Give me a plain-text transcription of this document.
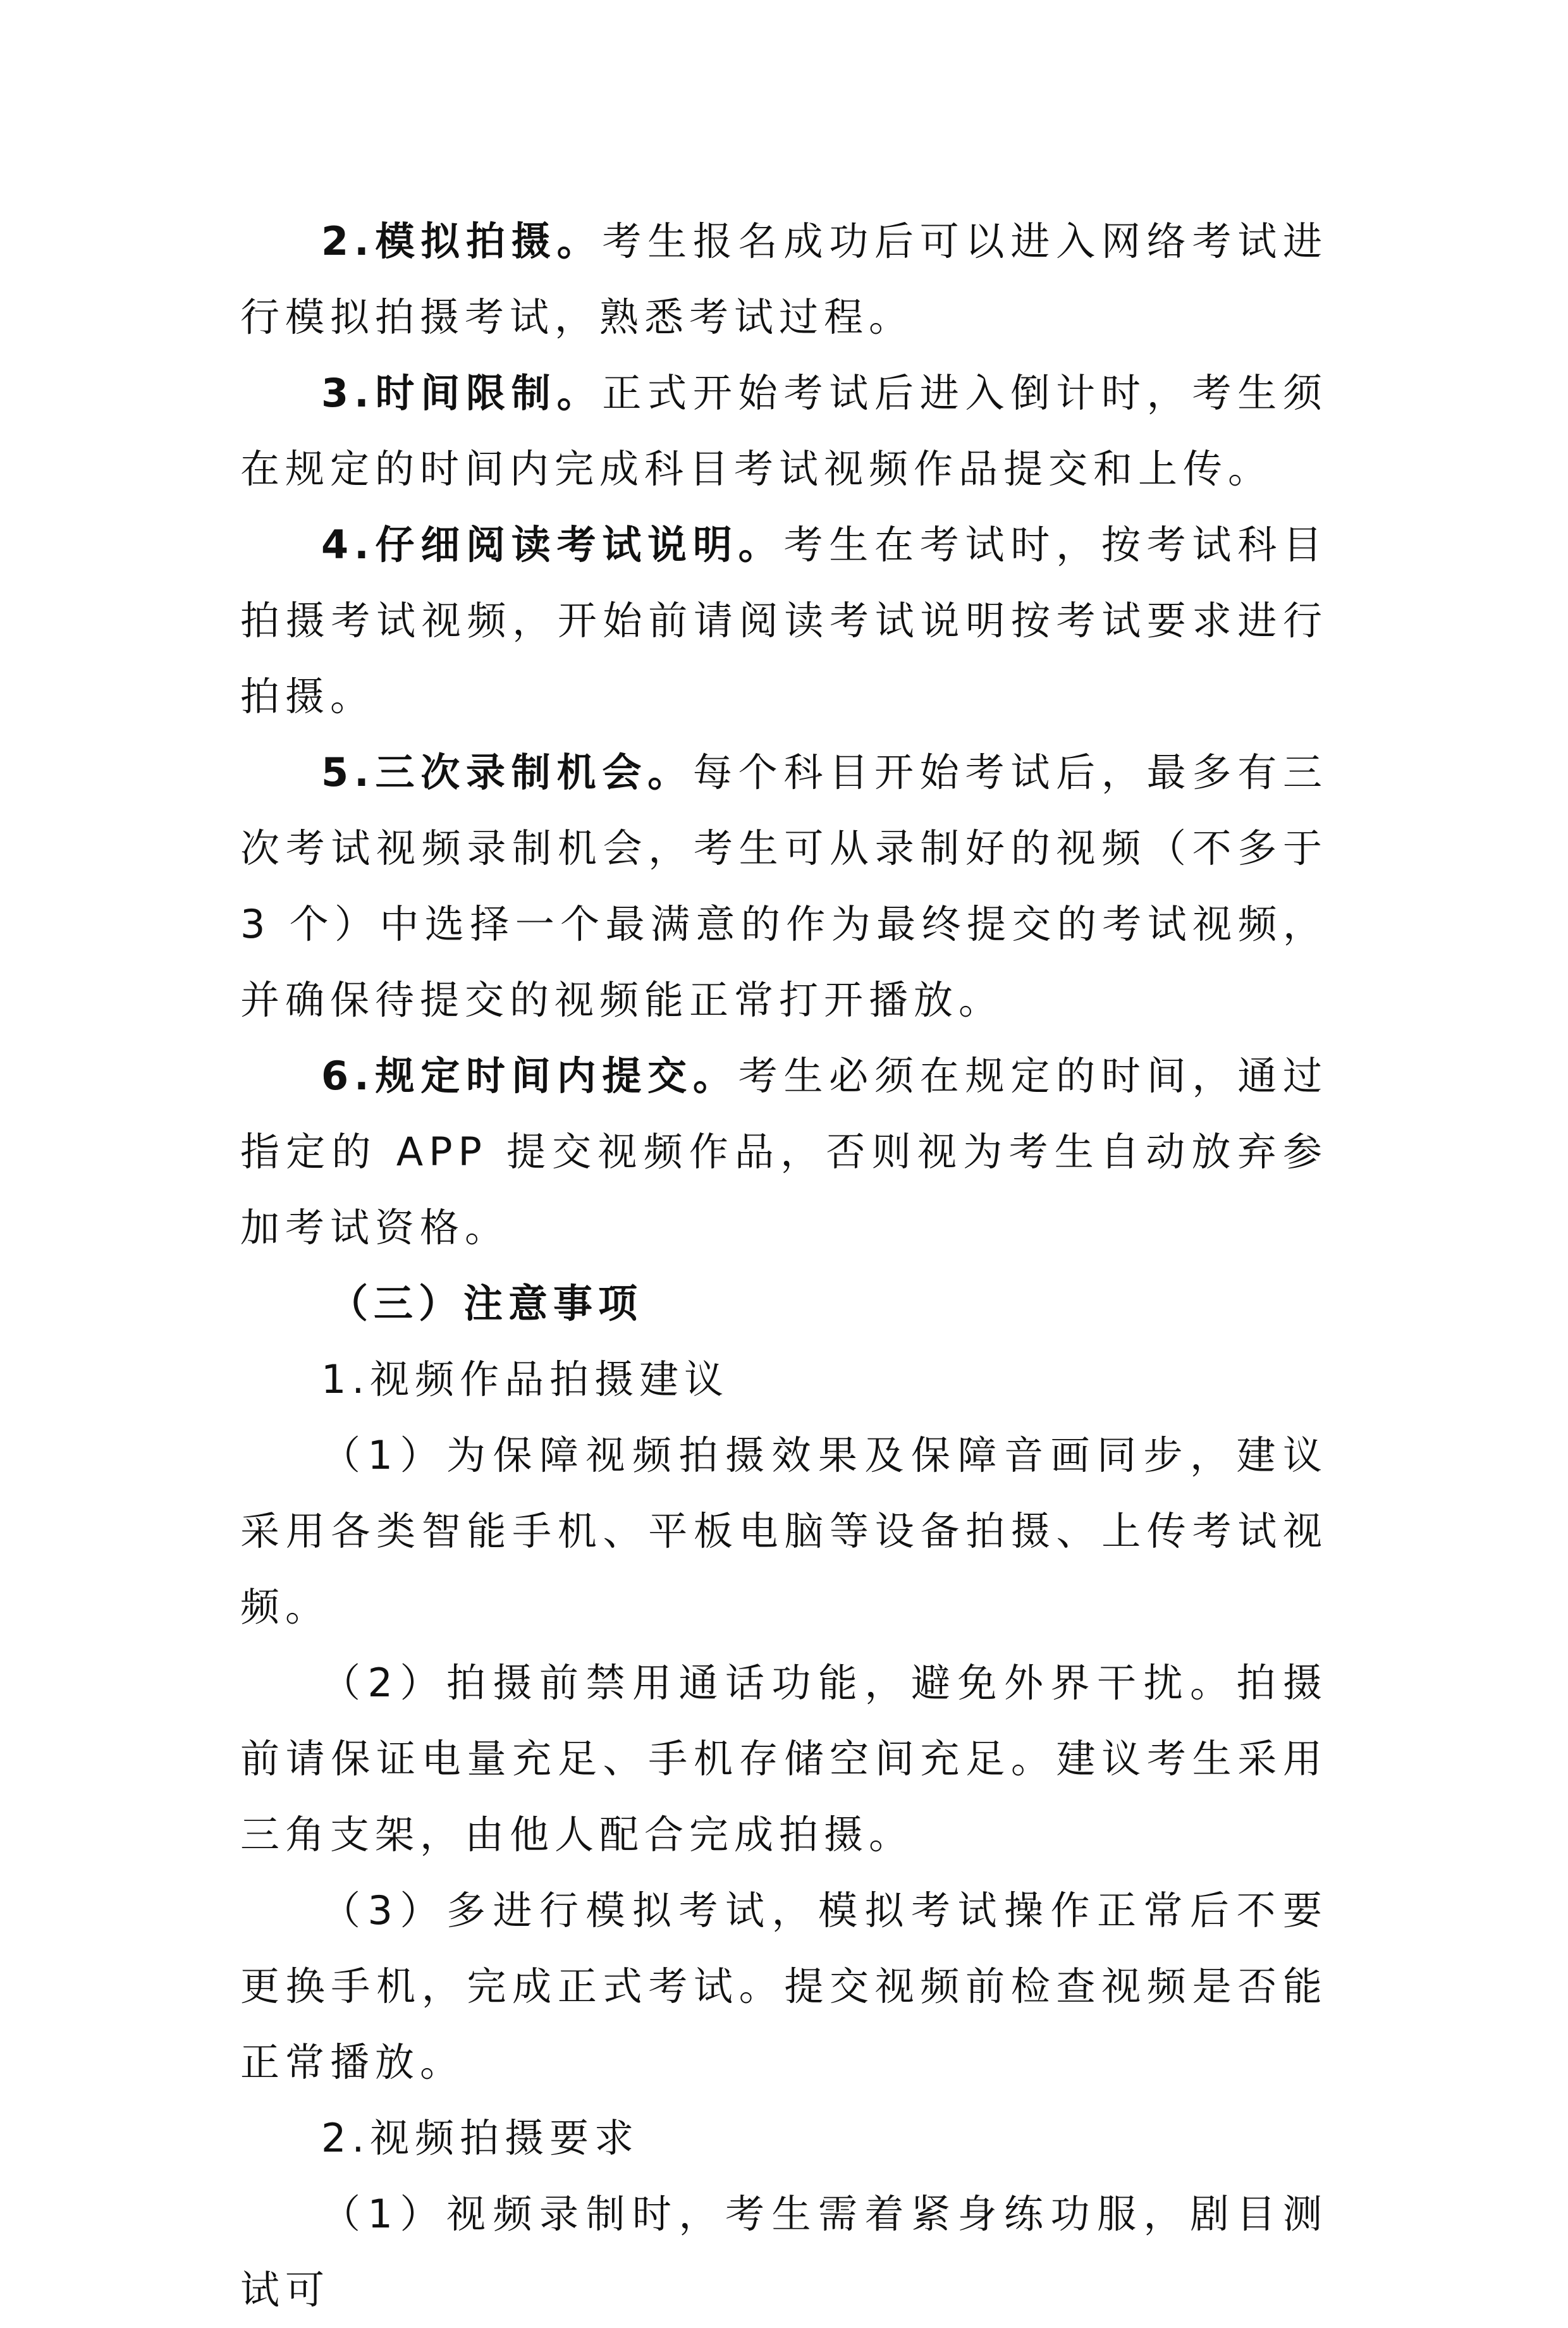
2.模拟拍摄。考生报名成功后可以进入网络考试进行模拟拍摄考试，熟悉考试过程。

3.时间限制。正式开始考试后进入倒计时，考生须在规定的时间内完成科目考试视频作品提交和上传。

4.仔细阅读考试说明。考生在考试时，按考试科目拍摄考试视频，开始前请阅读考试说明按考试要求进行拍摄。

5.三次录制机会。每个科目开始考试后，最多有三次考试视频录制机会，考生可从录制好的视频（不多于 3 个）中选择一个最满意的作为最终提交的考试视频，并确保待提交的视频能正常打开播放。

6.规定时间内提交。考生必须在规定的时间，通过指定的 APP 提交视频作品，否则视为考生自动放弃参加考试资格。

（三）注意事项

1.视频作品拍摄建议

（1）为保障视频拍摄效果及保障音画同步，建议采用各类智能手机、平板电脑等设备拍摄、上传考试视频。

（2）拍摄前禁用通话功能，避免外界干扰。拍摄前请保证电量充足、手机存储空间充足。建议考生采用三角支架，由他人配合完成拍摄。

（3）多进行模拟考试，模拟考试操作正常后不要更换手机，完成正式考试。提交视频前检查视频是否能正常播放。

2.视频拍摄要求

（1）视频录制时，考生需着紧身练功服，剧目测试可
